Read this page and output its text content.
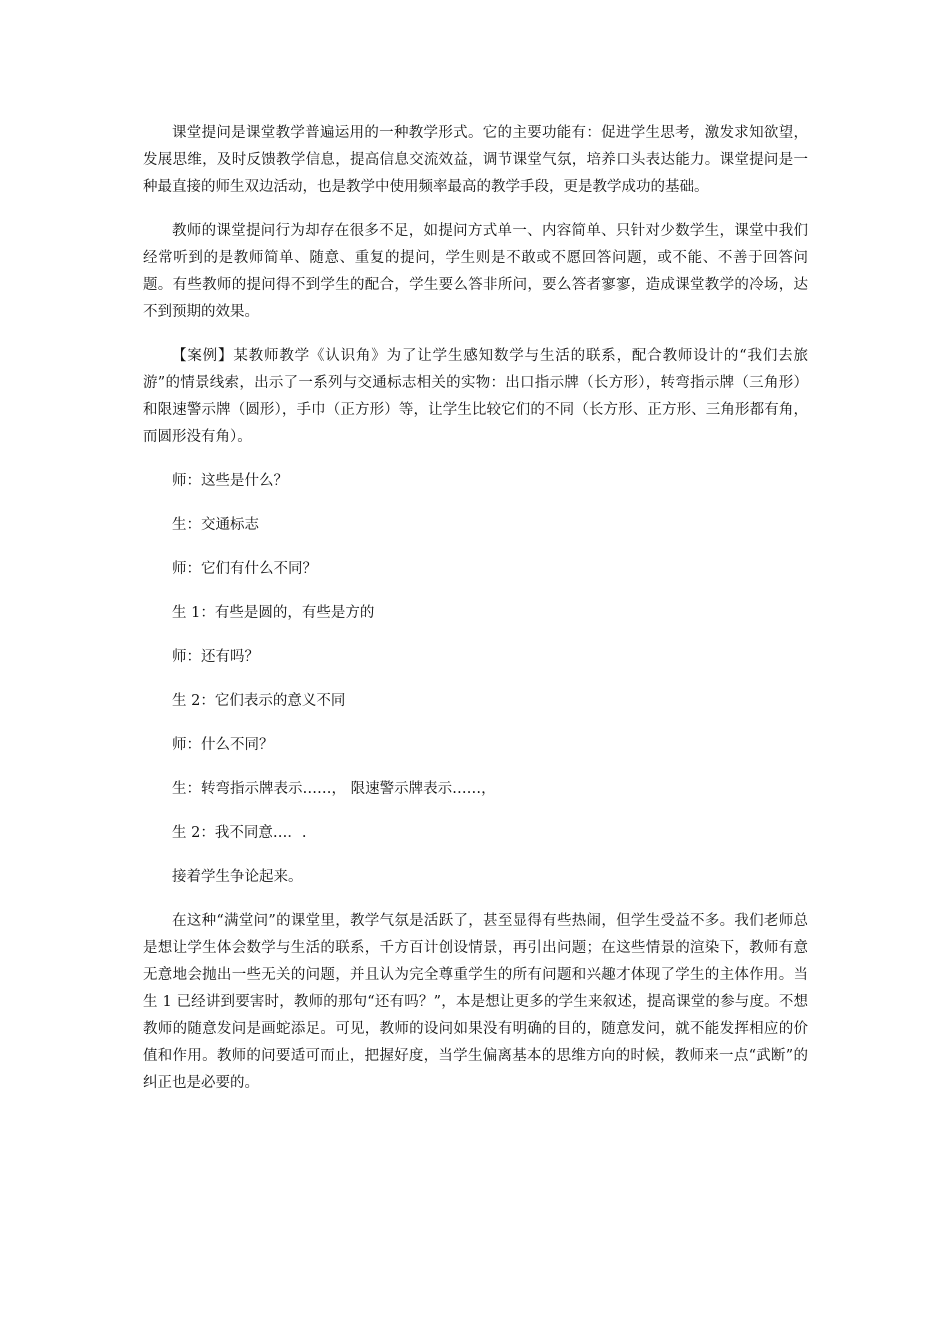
课堂提问是课堂教学普遍运用的一种教学形式。它的主要功能有：促进学生思考，激发求知欲望，发展思维，及时反馈教学信息，提高信息交流效益，调节课堂气氛，培养口头表达能力。课堂提问是一种最直接的师生双边活动，也是教学中使用频率最高的教学手段，更是教学成功的基础。

教师的课堂提问行为却存在很多不足，如提问方式单一、内容简单、只针对少数学生，课堂中我们经常听到的是教师简单、随意、重复的提问，学生则是不敢或不愿回答问题，或不能、不善于回答问题。有些教师的提问得不到学生的配合，学生要么答非所问，要么答者寥寥，造成课堂教学的冷场，达不到预期的效果。

【案例】某教师教学《认识角》为了让学生感知数学与生活的联系，配合教师设计的“我们去旅游”的情景线索，出示了一系列与交通标志相关的实物：出口指示牌（长方形），转弯指示牌（三角形）和限速警示牌（圆形），手巾（正方形）等，让学生比较它们的不同（长方形、正方形、三角形都有角，而圆形没有角）。

师：这些是什么？

生：交通标志

师：它们有什么不同？

生 1：有些是圆的，有些是方的

师：还有吗？

生 2：它们表示的意义不同

师：什么不同？

生：转弯指示牌表示……， 限速警示牌表示……，

生 2：我不同意…．.

接着学生争论起来。

在这种“满堂问”的课堂里，教学气氛是活跃了，甚至显得有些热闹，但学生受益不多。我们老师总是想让学生体会数学与生活的联系，千方百计创设情景，再引出问题；在这些情景的渲染下，教师有意无意地会抛出一些无关的问题，并且认为完全尊重学生的所有问题和兴趣才体现了学生的主体作用。当生 1 已经讲到要害时，教师的那句“还有吗？”，本是想让更多的学生来叙述，提高课堂的参与度。不想教师的随意发问是画蛇添足。可见，教师的设问如果没有明确的目的，随意发问，就不能发挥相应的价值和作用。教师的问要适可而止，把握好度，当学生偏离基本的思维方向的时候，教师来一点“武断”的纠正也是必要的。
